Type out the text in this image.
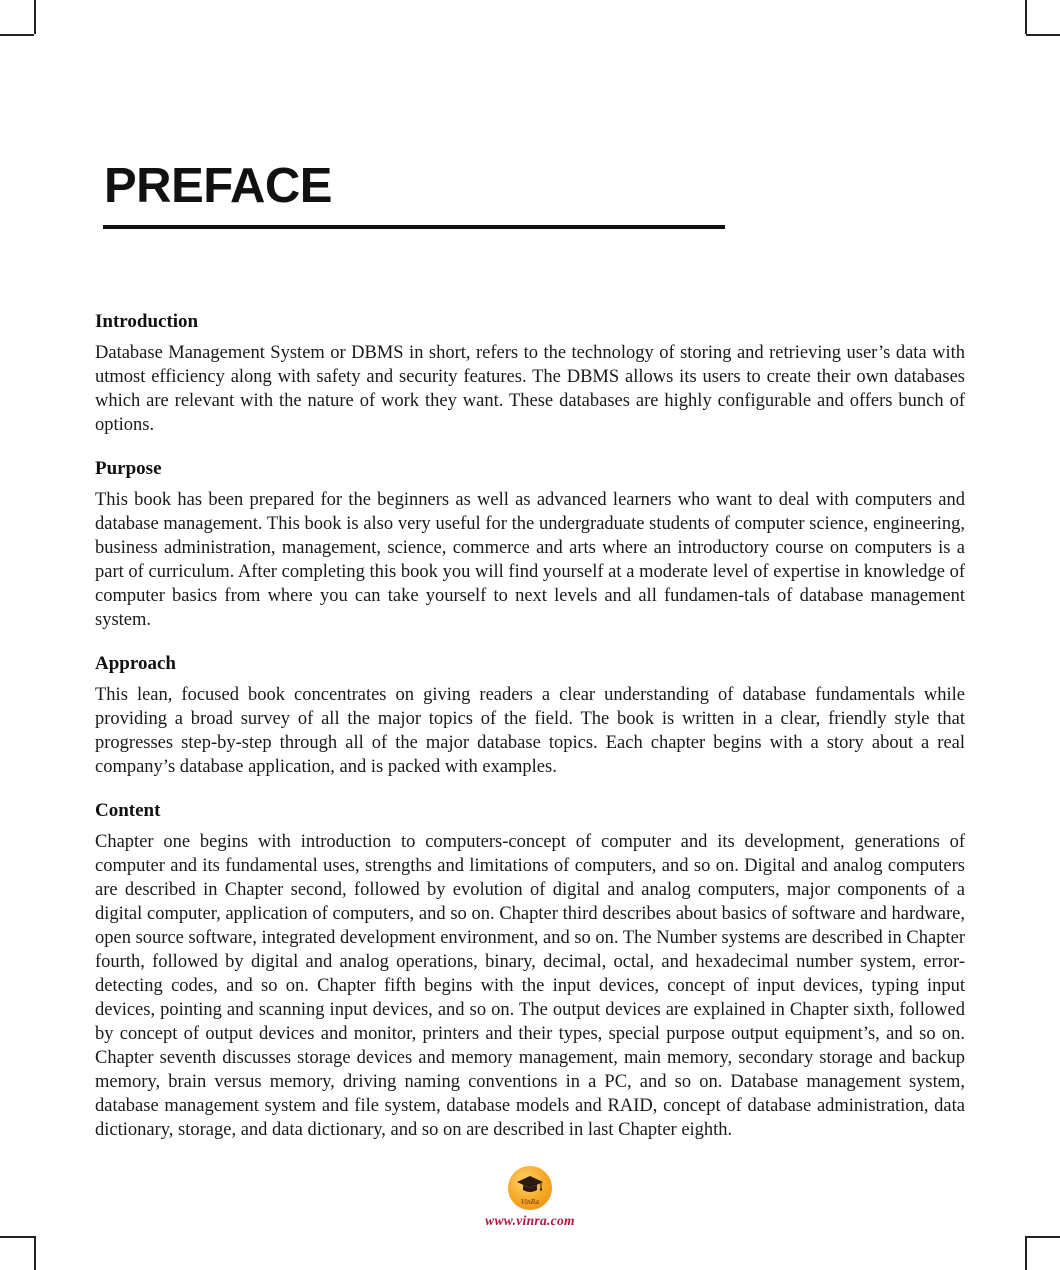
PREFACE
Introduction

Database Management System or DBMS in short, refers to the technology of storing and retrieving user’s data with utmost efficiency along with safety and security features. The DBMS allows its users to create their own databases which are relevant with the nature of work they want. These databases are highly configurable and offers bunch of options.

Purpose

This book has been prepared for the beginners as well as advanced learners who want to deal with computers and database management. This book is also very useful for the undergraduate students of computer science, engineering, business administration, management, science, commerce and arts where an introductory course on computers is a part of curriculum. After completing this book you will find yourself at a moderate level of expertise in knowledge of computer basics from where you can take yourself to next levels and all fundamen-tals of database management system.

Approach

This lean, focused book concentrates on giving readers a clear understanding of database fundamentals while providing a broad survey of all the major topics of the field. The book is written in a clear, friendly style that progresses step-by-step through all of the major database topics. Each chapter begins with a story about a real company’s database application, and is packed with examples.

Content

Chapter one begins with introduction to computers-concept of computer and its development, generations of computer and its fundamental uses, strengths and limitations of computers, and so on. Digital and analog computers are described in Chapter second, followed by evolution of digital and analog computers, major components of a digital computer, application of computers, and so on. Chapter third describes about basics of software and hardware, open source software, integrated development environment, and so on. The Number systems are described in Chapter fourth, followed by digital and analog operations, binary, decimal, octal, and hexadecimal number system, error-detecting codes, and so on. Chapter fifth begins with the input devices, concept of input devices, typing input devices, pointing and scanning input devices, and so on. The output devices are explained in Chapter sixth, followed by concept of output devices and monitor, printers and their types, special purpose output equipment’s, and so on. Chapter seventh discusses storage devices and memory management, main memory, secondary storage and backup memory, brain versus memory, driving naming conventions in a PC, and so on. Database management system, database management system and file system, database models and RAID, concept of database administration, data dictionary, storage, and data dictionary, and so on are described in last Chapter eighth.

VinRa
www.vinra.com
